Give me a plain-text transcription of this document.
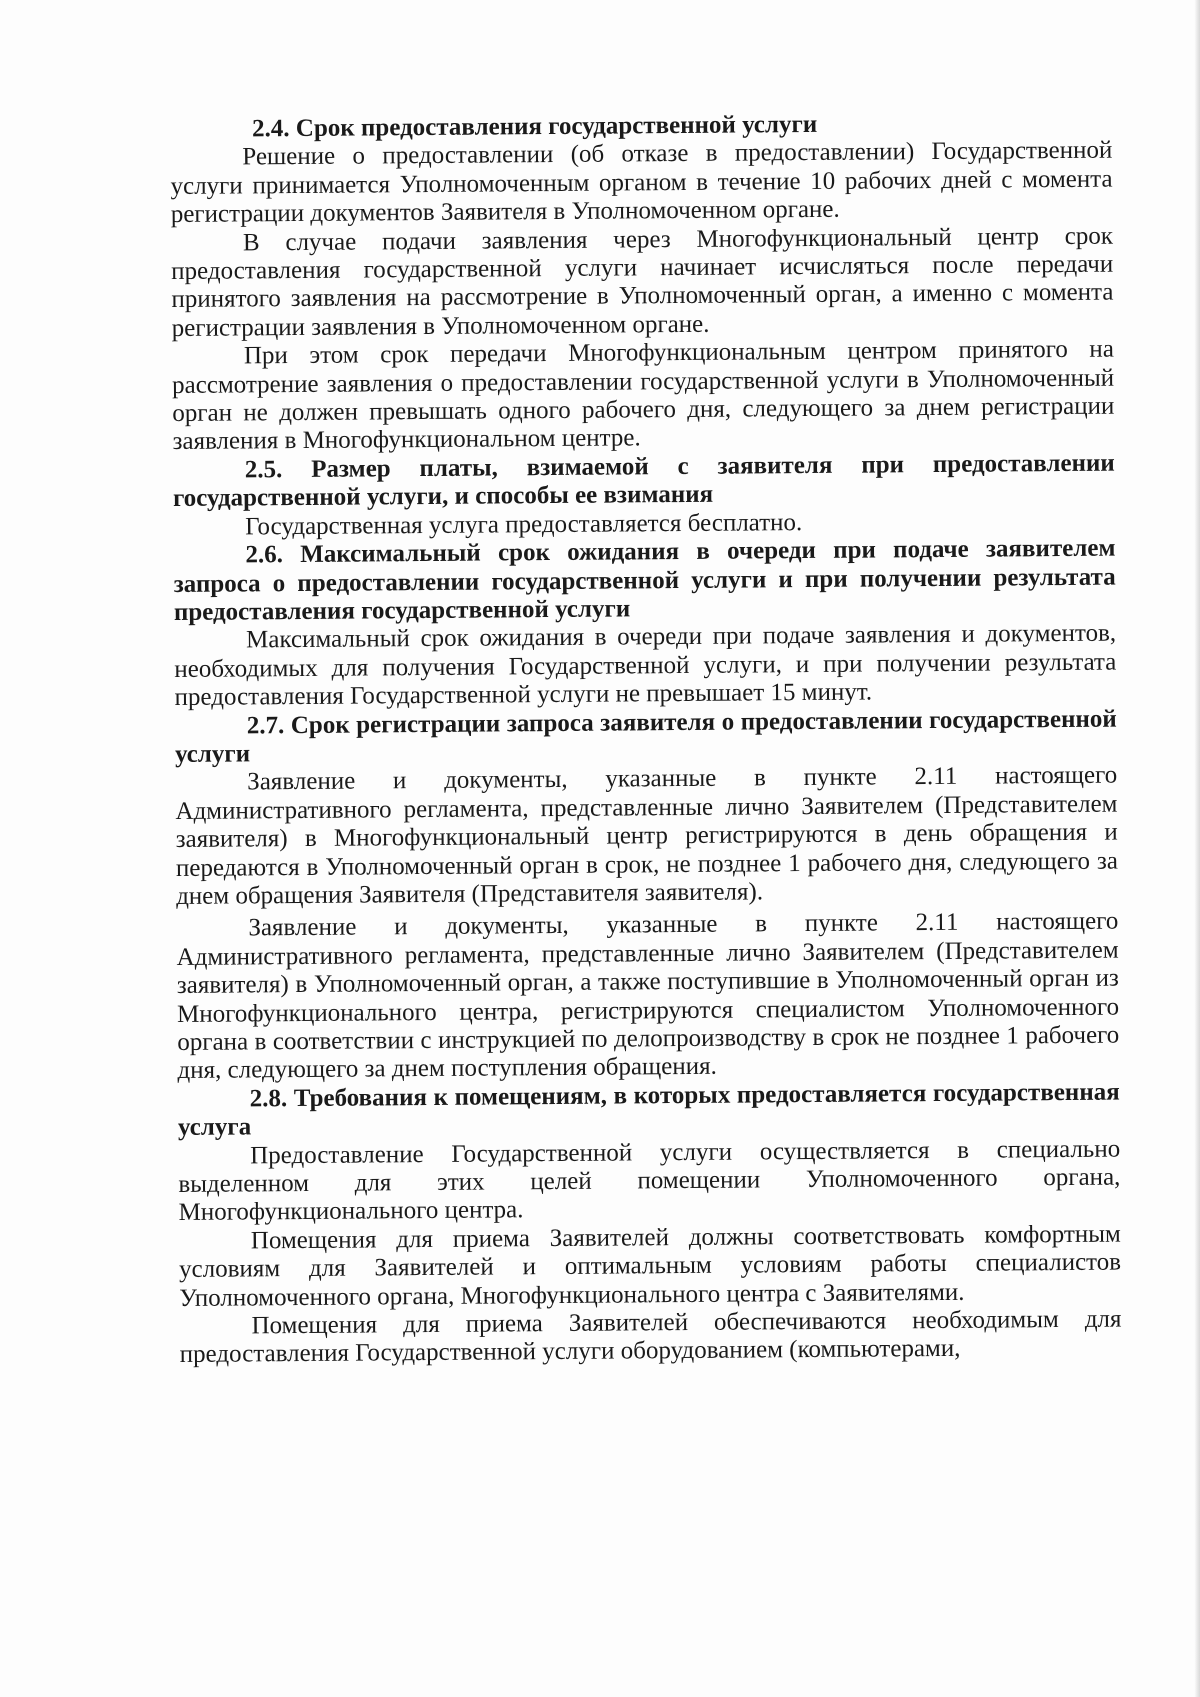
2.4. Срок предоставления государственной услуги

Решение о предоставлении (об отказе в предоставлении) Государственной услуги принимается Уполномоченным органом в течение 10 рабочих дней с момента регистрации документов Заявителя в Уполномоченном органе.

В случае подачи заявления через Многофункциональный центр срок предоставления государственной услуги начинает исчисляться после передачи принятого заявления на рассмотрение в Уполномоченный орган, а именно с момента регистрации заявления в Уполномоченном органе.

При этом срок передачи Многофункциональным центром принятого на рассмотрение заявления о предоставлении государственной услуги в Уполномоченный орган не должен превышать одного рабочего дня, следующего за днем регистрации заявления в Многофункциональном центре.

2.5. Размер платы, взимаемой с заявителя при предоставлении государственной услуги, и способы ее взимания

Государственная услуга предоставляется бесплатно.

2.6. Максимальный срок ожидания в очереди при подаче заявителем запроса о предоставлении государственной услуги и при получении результата предоставления государственной услуги

Максимальный срок ожидания в очереди при подаче заявления и документов, необходимых для получения Государственной услуги, и при получении результата предоставления Государственной услуги не превышает 15 минут.

2.7. Срок регистрации запроса заявителя о предоставлении государственной услуги

Заявление и документы, указанные в пункте 2.11 настоящего Административного регламента, представленные лично Заявителем (Представителем заявителя) в Многофункциональный центр регистрируются в день обращения и передаются в Уполномоченный орган в срок, не позднее 1 рабочего дня, следующего за днем обращения Заявителя (Представителя заявителя).

Заявление и документы, указанные в пункте 2.11 настоящего Административного регламента, представленные лично Заявителем (Представителем заявителя) в Уполномоченный орган, а также поступившие в Уполномоченный орган из Многофункционального центра, регистрируются специалистом Уполномоченного органа в соответствии с инструкцией по делопроизводству в срок не позднее 1 рабочего дня, следующего за днем поступления обращения.

2.8. Требования к помещениям, в которых предоставляется государственная услуга

Предоставление Государственной услуги осуществляется в специально выделенном для этих целей помещении Уполномоченного органа, Многофункционального центра.

Помещения для приема Заявителей должны соответствовать комфортным условиям для Заявителей и оптимальным условиям работы специалистов Уполномоченного органа, Многофункционального центра с Заявителями.

Помещения для приема Заявителей обеспечиваются необходимым для предоставления Государственной услуги оборудованием (компьютерами,
